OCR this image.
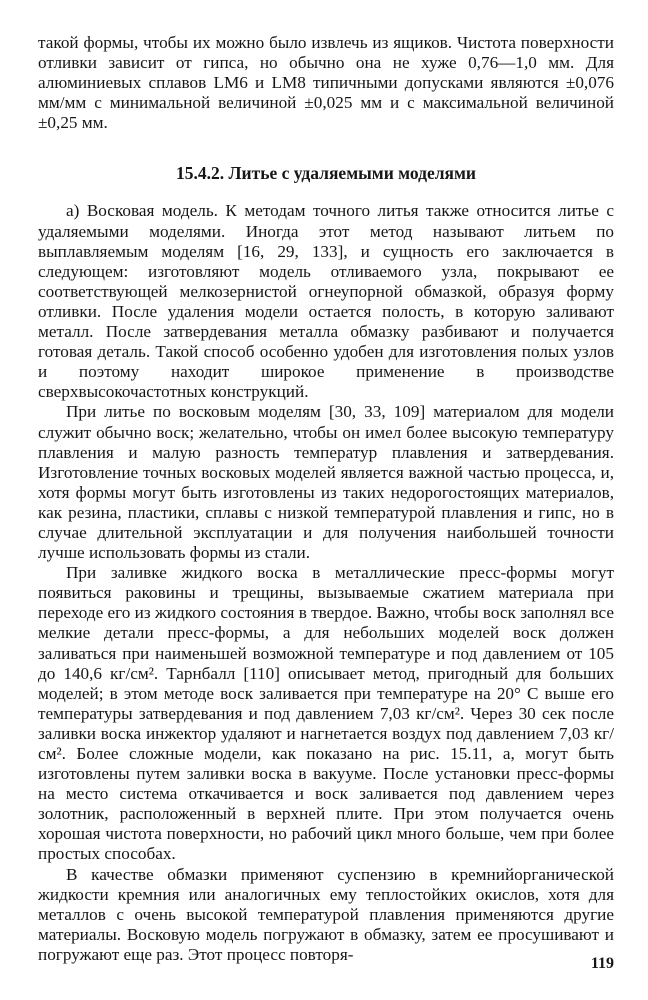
такой формы, чтобы их можно было извлечь из ящиков. Чистота поверхности отливки зависит от гипса, но обычно она не хуже 0,76—1,0 мм. Для алюминиевых сплавов LM6 и LM8 типичными допусками являются ±0,076 мм/мм с минимальной величиной ±0,025 мм и с максимальной величиной ±0,25 мм.

15.4.2. Литье с удаляемыми моделями

а) Восковая модель. К методам точного литья также относится литье с удаляемыми моделями. Иногда этот метод называют литьем по выплавляемым моделям [16, 29, 133], и сущность его заключается в следующем: изготовляют модель отливаемого узла, покрывают ее соответствующей мелкозернистой огнеупорной обмазкой, образуя форму отливки. После удаления модели остается полость, в которую заливают металл. После затвердевания металла обмазку разбивают и получается готовая деталь. Такой способ особенно удобен для изготовления полых узлов и поэтому находит широкое применение в производстве сверхвысокочастотных конструкций.

При литье по восковым моделям [30, 33, 109] материалом для модели служит обычно воск; желательно, чтобы он имел более высокую температуру плавления и малую разность температур плавления и затвердевания. Изготовление точных восковых моделей является важной частью процесса, и, хотя формы могут быть изготовлены из таких недорогостоящих материалов, как резина, пластики, сплавы с низкой температурой плавления и гипс, но в случае длительной эксплуатации и для получения наибольшей точности лучше использовать формы из стали.

При заливке жидкого воска в металлические пресс-формы могут появиться раковины и трещины, вызываемые сжатием материала при переходе его из жидкого состояния в твердое. Важно, чтобы воск заполнял все мелкие детали пресс-формы, а для небольших моделей воск должен заливаться при наименьшей возможной температуре и под давлением от 105 до 140,6 кг/см². Тарнбалл [110] описывает метод, пригодный для больших моделей; в этом методе воск заливается при температуре на 20° С выше его температуры затвердевания и под давлением 7,03 кг/см². Через 30 сек после заливки воска инжектор удаляют и нагнетается воздух под давлением 7,03 кг/см². Более сложные модели, как показано на рис. 15.11, а, могут быть изготовлены путем заливки воска в вакууме. После установки пресс-формы на место система откачивается и воск заливается под давлением через золотник, расположенный в верхней плите. При этом получается очень хорошая чистота поверхности, но рабочий цикл много больше, чем при более простых способах.

В качестве обмазки применяют суспензию в кремнийорганической жидкости кремния или аналогичных ему теплостойких окислов, хотя для металлов с очень высокой температурой плавления применяются другие материалы. Восковую модель погружают в обмазку, затем ее просушивают и погружают еще раз. Этот процесс повторя-	119
